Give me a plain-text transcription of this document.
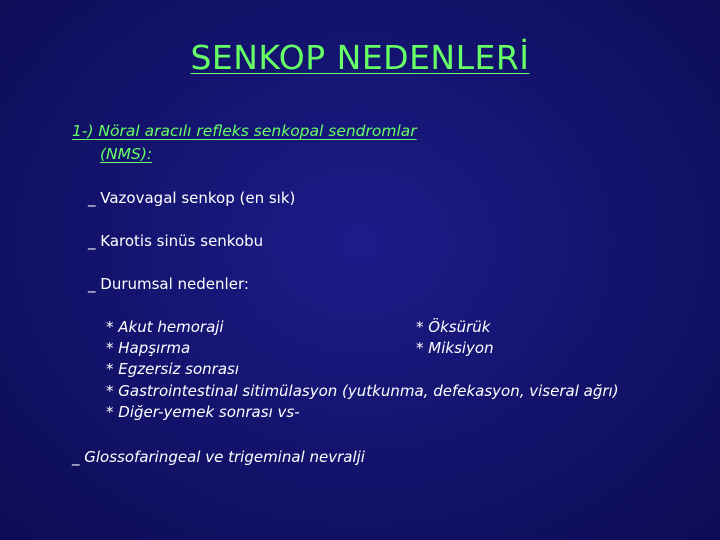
SENKOP NEDENLERİ
1-) Nöral aracılı refleks senkopal sendromlar
(NMS):
_ Vazovagal senkop (en sık)
_ Karotis sinüs senkobu
_ Durumsal nedenler:
* Akut hemoraji
* Hapşırma
* Egzersiz sonrası
* Gastrointestinal sitimülasyon (yutkunma, defekasyon, viseral ağrı)
* Diğer-yemek sonrası vs-
* Öksürük
* Miksiyon
_ Glossofaringeal ve trigeminal nevralji
